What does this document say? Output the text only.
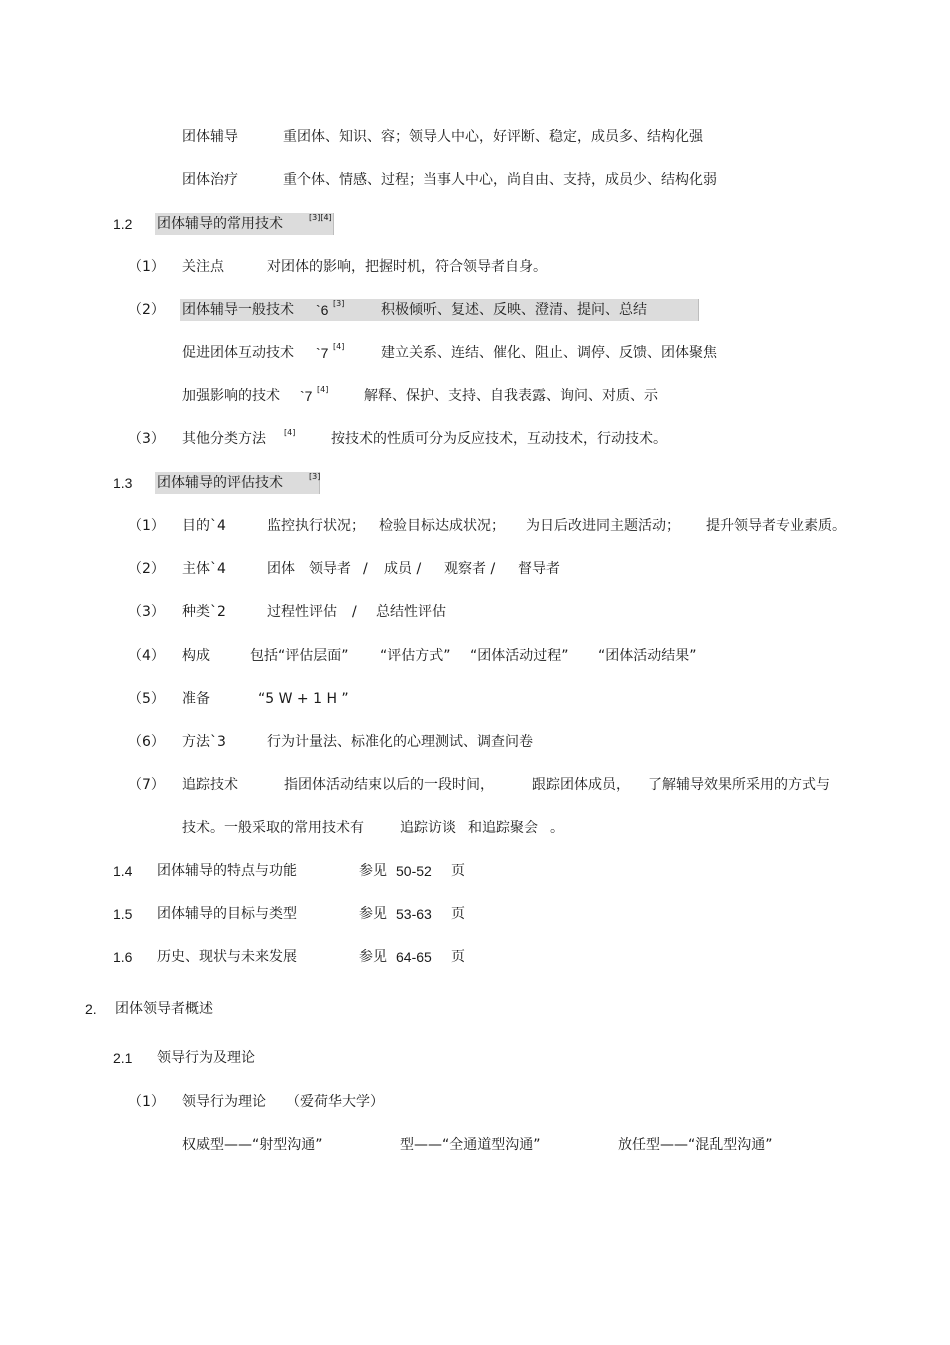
团体辅导	重团体、知识、容；领导人中心，好评断、稳定，成员多、结构化强
团体治疗	重个体、情感、过程；当事人中心，尚自由、支持，成员少、结构化弱
1.2 团体辅导的常用技术	[3][4]
（1） 关注点	对团体的影响，把握时机，符合领导者自身。
（2） 团体辅导一般技术 `6 [3]	积极倾听、复述、反映、澄清、提问、总结
促进团体互动技术 `7 [4]	建立关系、连结、催化、阻止、调停、反馈、团体聚焦
加强影响的技术 `7 [4]	解释、保护、支持、自我表露、询问、对质、示
（3） 其他分类方法 [4]	按技术的性质可分为反应技术，互动技术，行动技术。
1.3 团体辅导的评估技术	[3]
（1） 目的`4	监控执行状况； 检验目标达成状况； 为日后改进同主题活动； 提升领导者专业素质。
（2） 主体`4	团体 领导者 / 成员 / 观察者 / 督导者
（3） 种类`2	过程性评估 / 总结性评估
（4） 构成	包括“评估层面” “评估方式” “团体活动过程” “团体活动结果”
（5） 准备	“5 W + 1 H ”
（6） 方法`3	行为计量法、标准化的心理测试、调查问卷
（7） 追踪技术	指团体活动结束以后的一段时间，	跟踪团体成员， 了解辅导效果所采用的方式与
技术。一般采取的常用技术有	追踪访谈 和追踪聚会 。
1.4 团体辅导的特点与功能	参见 50-52 页
1.5 团体辅导的目标与类型	参见 53-63 页
1.6 历史、现状与未来发展	参见 64-65 页
2. 团体领导者概述
2.1 领导行为及理论
（1） 领导行为理论 （爱荷华大学）
权威型——“射型沟通”	型——“全通道型沟通”	放任型——“混乱型沟通”
